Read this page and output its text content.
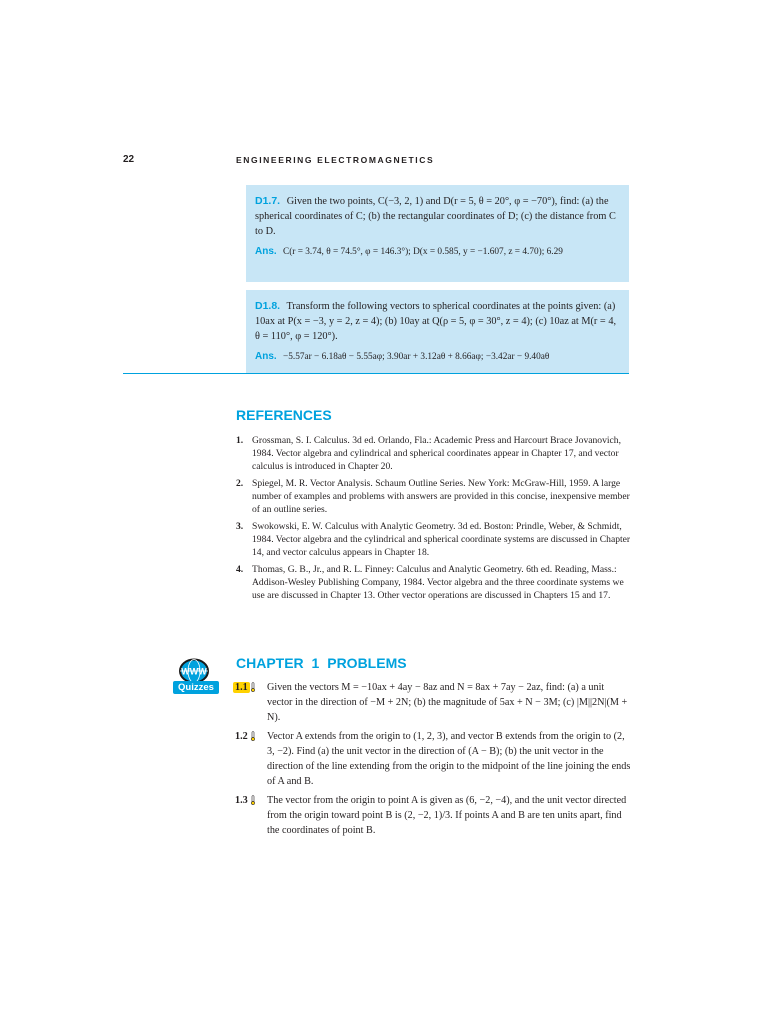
22	ENGINEERING ELECTROMAGNETICS
D1.7. Given the two points, C(−3, 2, 1) and D(r = 5, θ = 20°, φ = −70°), find: (a) the spherical coordinates of C; (b) the rectangular coordinates of D; (c) the distance from C to D.
Ans. C(r = 3.74, θ = 74.5°, φ = 146.3°); D(x = 0.585, y = −1.607, z = 4.70); 6.29
D1.8. Transform the following vectors to spherical coordinates at the points given: (a) 10ax at P(x = −3, y = 2, z = 4); (b) 10ay at Q(ρ = 5, φ = 30°, z = 4); (c) 10az at M(r = 4, θ = 110°, φ = 120°).
Ans. −5.57ar − 6.18aθ − 5.55aφ; 3.90ar + 3.12aθ + 8.66aφ; −3.42ar − 9.40aθ
REFERENCES
1. Grossman, S. I. Calculus. 3d ed. Orlando, Fla.: Academic Press and Harcourt Brace Jovanovich, 1984. Vector algebra and cylindrical and spherical coordinates appear in Chapter 17, and vector calculus is introduced in Chapter 20.
2. Spiegel, M. R. Vector Analysis. Schaum Outline Series. New York: McGraw-Hill, 1959. A large number of examples and problems with answers are provided in this concise, inexpensive member of an outline series.
3. Swokowski, E. W. Calculus with Analytic Geometry. 3d ed. Boston: Prindle, Weber, & Schmidt, 1984. Vector algebra and the cylindrical and spherical coordinate systems are discussed in Chapter 14, and vector calculus appears in Chapter 18.
4. Thomas, G. B., Jr., and R. L. Finney: Calculus and Analytic Geometry. 6th ed. Reading, Mass.: Addison-Wesley Publishing Company, 1984. Vector algebra and the three coordinate systems we use are discussed in Chapter 13. Other vector operations are discussed in Chapters 15 and 17.
WWW
Quizzes
CHAPTER 1 PROBLEMS
1.1	Given the vectors M = −10ax + 4ay − 8az and N = 8ax + 7ay − 2az, find: (a) a unit vector in the direction of −M + 2N; (b) the magnitude of 5ax + N − 3M; (c) |M||2N|(M + N).
1.2	Vector A extends from the origin to (1, 2, 3), and vector B extends from the origin to (2, 3, −2). Find (a) the unit vector in the direction of (A − B); (b) the unit vector in the direction of the line extending from the origin to the midpoint of the line joining the ends of A and B.
1.3	The vector from the origin to point A is given as (6, −2, −4), and the unit vector directed from the origin toward point B is (2, −2, 1)/3. If points A and B are ten units apart, find the coordinates of point B.
